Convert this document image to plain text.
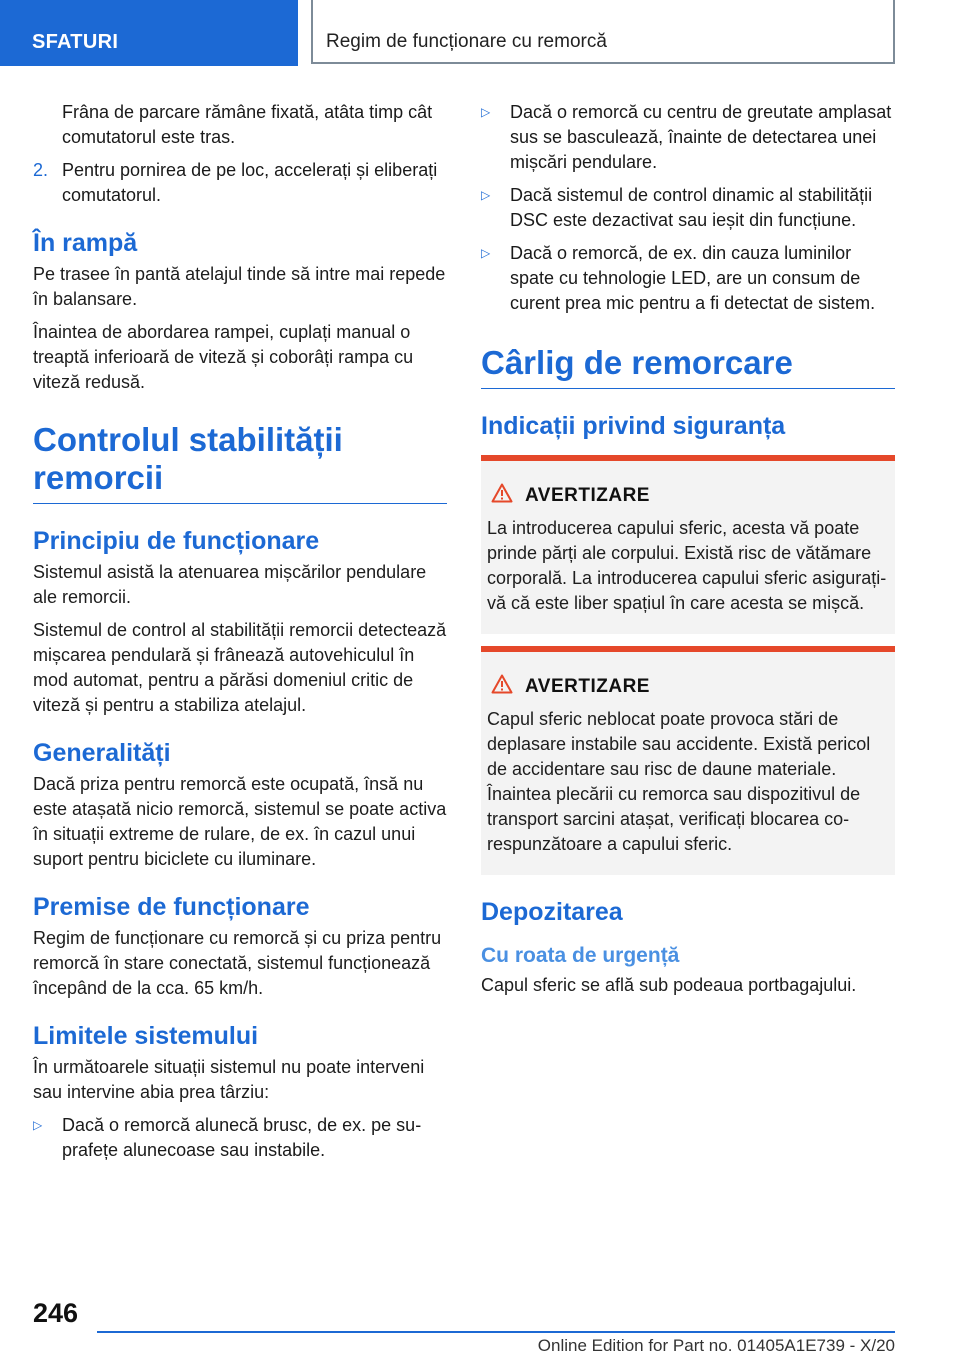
SFATURI	Regim de funcționare cu remorcă
Frâna de parcare rămâne fixată, atâta timp cât comutatorul este tras.
2. Pentru pornirea de pe loc, accelerați și eliberați comutatorul.
În rampă

Pe trasee în pantă atelajul tinde să intre mai repede în balansare.

Înaintea de abordarea rampei, cuplați manual o treaptă inferioară de viteză și coborâți rampa cu viteză redusă.

Controlul stabilității remorcii
Principiu de funcționare

Sistemul asistă la atenuarea mișcărilor pendulare ale remorcii.

Sistemul de control al stabilității remorcii detectează mișcarea pendulară și frânează autovehiculul în mod automat, pentru a părăsi domeniul critic de viteză și pentru a stabiliza atelajul.

Generalități

Dacă priza pentru remorcă este ocupată, însă nu este atașată nicio remorcă, sistemul se poate activa în situații extreme de rulare, de ex. în cazul unui suport pentru biciclete cu iluminare.

Premise de funcționare

Regim de funcționare cu remorcă și cu priza pentru remorcă în stare conectată, sistemul funcționează începând de la cca. 65 km/h.

Limitele sistemului

În următoarele situații sistemul nu poate interveni sau intervine abia prea târziu:

▷	Dacă o remorcă alunecă brusc, de ex. pe suprafețe alunecoase sau instabile.
▷	Dacă o remorcă cu centru de greutate amplasat sus se basculează, înainte de detectarea unei mișcări pendulare.
▷	Dacă sistemul de control dinamic al stabilității DSC este dezactivat sau ieșit din funcțiune.
▷	Dacă o remorcă, de ex. din cauza luminilor spate cu tehnologie LED, are un consum de curent prea mic pentru a fi detectat de sistem.
Cârlig de remorcare
Indicații privind siguranța
AVERTIZARE

La introducerea capului sferic, acesta vă poate prinde părți ale corpului. Există risc de vătămare corporală. La introducerea capului sferic asigurați-vă că este liber spațiul în care acesta se mișcă.

AVERTIZARE

Capul sferic neblocat poate provoca stări de deplasare instabile sau accidente. Există pericol de accidentare sau risc de daune materiale. Înaintea plecării cu remorca sau dispozitivul de transport sarcini atașat, verificați blocarea corespunzătoare a capului sferic.

Depozitarea
Cu roata de urgență

Capul sferic se află sub podeaua portbagajului.

246
Online Edition for Part no. 01405A1E739 - X/20
